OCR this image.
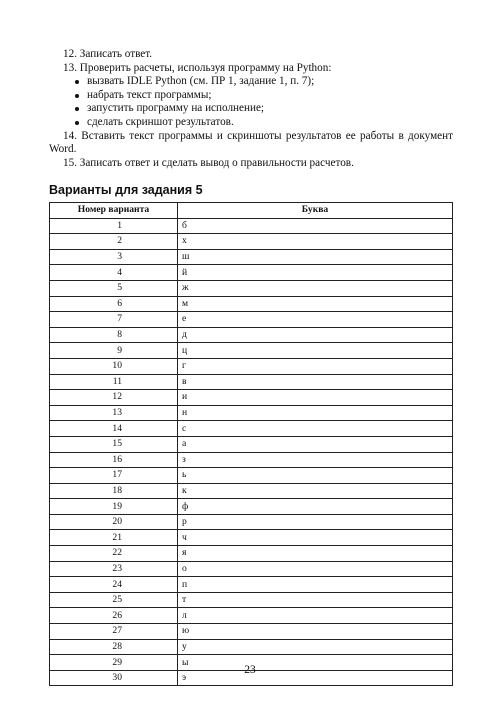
12. Записать ответ.

13. Проверить расчеты, используя программу на Python:

вызвать IDLE Python (см. ПР 1, задание 1, п. 7);
набрать текст программы;
запустить программу на исполнение;
сделать скриншот результатов.

14. Вставить текст программы и скриншоты результатов ее работы в документ Word.

15. Записать ответ и сделать вывод о правильности расчетов.

Варианты для задания 5
Номер варианта	Буква
1	б
2	х
3	ш
4	й
5	ж
6	м
7	е
8	д
9	ц
10	г
11	в
12	и
13	н
14	с
15	а
16	з
17	ь
18	к
19	ф
20	р
21	ч
22	я
23	о
24	п
25	т
26	л
27	ю
28	у
29	ы
30	э
23
